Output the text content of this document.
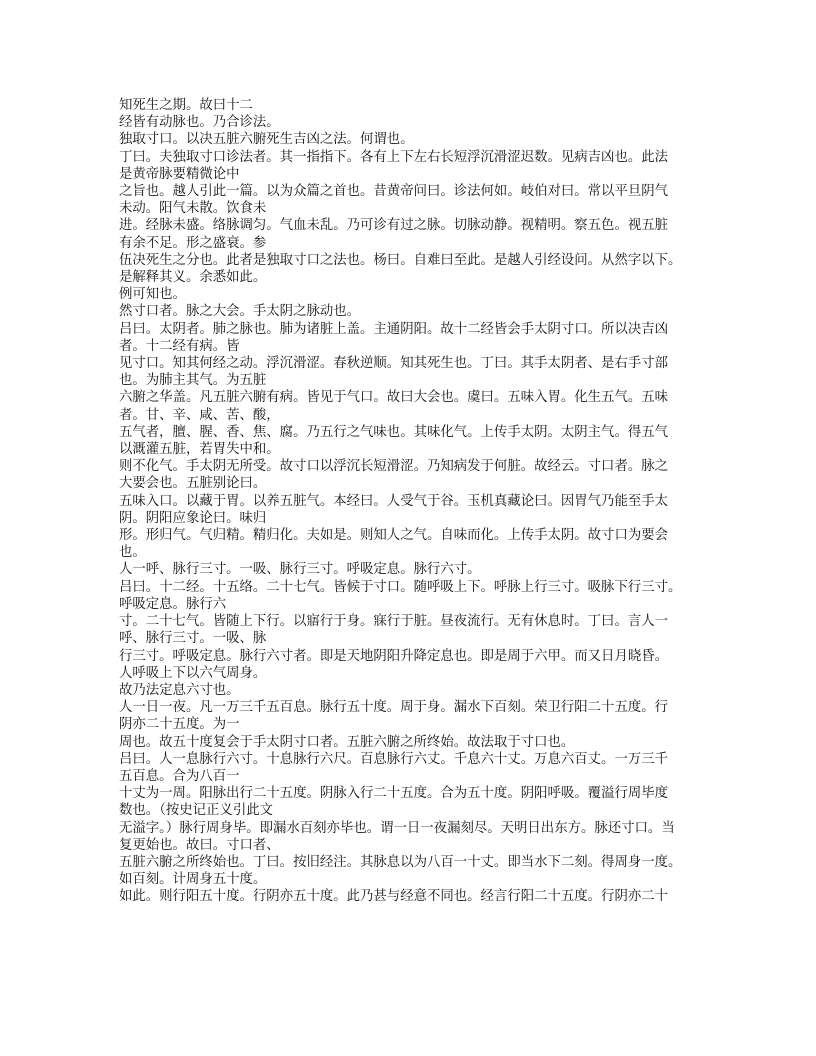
知死生之期。故曰十二
经皆有动脉也。乃合诊法。
独取寸口。以决五脏六腑死生吉凶之法。何谓也。
丁曰。夫独取寸口诊法者。其一指指下。各有上下左右长短浮沉滑涩迟数。见病吉凶也。此法
是黄帝脉要精微论中
之旨也。越人引此一篇。以为众篇之首也。昔黄帝问曰。诊法何如。岐伯对曰。常以平旦阴气
未动。阳气未散。饮食未
进。经脉未盛。络脉调匀。气血未乱。乃可诊有过之脉。切脉动静。视精明。察五色。视五脏
有余不足。形之盛衰。参
伍决死生之分也。此者是独取寸口之法也。杨曰。自难曰至此。是越人引经设问。从然字以下。
是解释其义。余悉如此。
例可知也。
然寸口者。脉之大会。手太阴之脉动也。
吕曰。太阴者。肺之脉也。肺为诸脏上盖。主通阴阳。故十二经皆会手太阴寸口。所以决吉凶
者。十二经有病。皆
见寸口。知其何经之动。浮沉滑涩。春秋逆顺。知其死生也。丁曰。其手太阴者、是右手寸部
也。为肺主其气。为五脏
六腑之华盖。凡五脏六腑有病。皆见于气口。故曰大会也。虞曰。五味入胃。化生五气。五味
者。甘、辛、咸、苦、酸，
五气者，膻、腥、香、焦、腐。乃五行之气味也。其味化气。上传手太阴。太阴主气。得五气
以溉灌五脏，若胃失中和。
则不化气。手太阴无所受。故寸口以浮沉长短滑涩。乃知病发于何脏。故经云。寸口者。脉之
大要会也。五脏别论曰。
五味入口。以藏于胃。以养五脏气。本经曰。人受气于谷。玉机真藏论曰。因胃气乃能至手太
阴。阴阳应象论曰。味归
形。形归气。气归精。精归化。夫如是。则知人之气。自味而化。上传手太阴。故寸口为要会
也。
人一呼、脉行三寸。一吸、脉行三寸。呼吸定息。脉行六寸。
吕曰。十二经。十五络。二十七气。皆候于寸口。随呼吸上下。呼脉上行三寸。吸脉下行三寸。
呼吸定息。脉行六
寸。二十七气。皆随上下行。以寤行于身。寐行于脏。昼夜流行。无有休息时。丁曰。言人一
呼、脉行三寸。一吸、脉
行三寸。呼吸定息。脉行六寸者。即是天地阴阳升降定息也。即是周于六甲。而又日月晓昏。
人呼吸上下以六气周身。
故乃法定息六寸也。
人一日一夜。凡一万三千五百息。脉行五十度。周于身。漏水下百刻。荣卫行阳二十五度。行
阴亦二十五度。为一
周也。故五十度复会于手太阴寸口者。五脏六腑之所终始。故法取于寸口也。
吕曰。人一息脉行六寸。十息脉行六尺。百息脉行六丈。千息六十丈。万息六百丈。一万三千
五百息。合为八百一
十丈为一周。阳脉出行二十五度。阴脉入行二十五度。合为五十度。阴阳呼吸。覆溢行周毕度
数也。（按史记正义引此文
无溢字。）脉行周身毕。即漏水百刻亦毕也。谓一日一夜漏刻尽。天明日出东方。脉还寸口。当
复更始也。故曰。寸口者、
五脏六腑之所终始也。丁曰。按旧经注。其脉息以为八百一十丈。即当水下二刻。得周身一度。
如百刻。计周身五十度。
如此。则行阳五十度。行阴亦五十度。此乃甚与经意不同也。经言行阳二十五度。行阴亦二十
